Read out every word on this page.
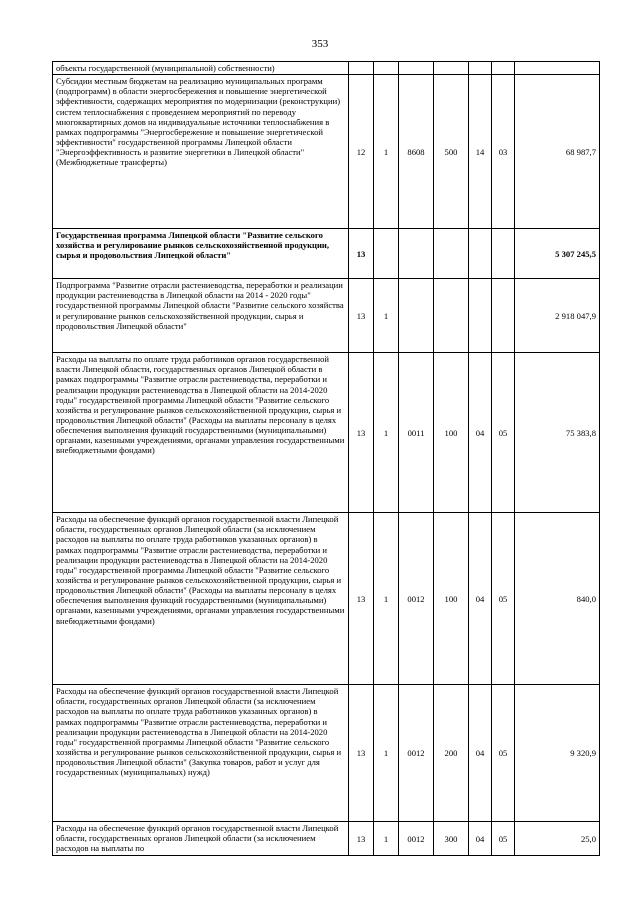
353
объекты государственной (муниципальной) собственности)							
Субсидии местным бюджетам на реализацию муниципальных программ (подпрограмм) в области энергосбережения и повышение энергетической эффективности, содержащих мероприятия по модернизации (реконструкции) систем теплоснабжения с проведением мероприятий по переводу многоквартирных домов на индивидуальные источники теплоснабжения в рамках подпрограммы "Энергосбережение и повышение энергетической эффективности" государственной программы Липецкой области "Энергоэффективность и развитие энергетики в Липецкой области" (Межбюджетные трансферты)	12	1	8608	500	14	03	68 987,7
Государственная программа Липецкой области "Развитие сельского хозяйства и регулирование рынков сельскохозяйственной продукции, сырья и продовольствия Липецкой области"	13						5 307 245,5
Подпрограмма "Развитие отрасли растениеводства, переработки и реализации продукции растениеводства в Липецкой области на 2014 - 2020 годы" государственной программы Липецкой области "Развитие сельского хозяйства и регулирование рынков сельскохозяйственной продукции, сырья и продовольствия Липецкой области"	13	1					2 918 047,9
Расходы на выплаты по оплате труда работников органов государственной власти Липецкой области, государственных органов Липецкой области в рамках подпрограммы "Развитие отрасли растениеводства, переработки и реализации продукции растениеводства в Липецкой области на 2014-2020 годы" государственной программы Липецкой области "Развитие сельского хозяйства и регулирование рынков сельскохозяйственной продукции, сырья и продовольствия Липецкой области" (Расходы на выплаты персоналу в целях обеспечения выполнения функций государственными (муниципальными) органами, казенными учреждениями, органами управления государственными внебюджетными фондами)	13	1	0011	100	04	05	75 383,8
Расходы на обеспечение функций органов государственной власти Липецкой области, государственных органов Липецкой области (за исключением расходов на выплаты по оплате труда работников указанных органов) в рамках подпрограммы "Развитие отрасли растениеводства, переработки и реализации продукции растениеводства в Липецкой области на 2014-2020 годы" государственной программы Липецкой области "Развитие сельского хозяйства и регулирование рынков сельскохозяйственной продукции, сырья и продовольствия Липецкой области" (Расходы на выплаты персоналу в целях обеспечения выполнения функций государственными (муниципальными) органами, казенными учреждениями, органами управления государственными внебюджетными фондами)	13	1	0012	100	04	05	840,0
Расходы на обеспечение функций органов государственной власти Липецкой области, государственных органов Липецкой области (за исключением расходов на выплаты по оплате труда работников указанных органов) в рамках подпрограммы "Развитие отрасли растениеводства, переработки и реализации продукции растениеводства в Липецкой области на 2014-2020 годы" государственной программы Липецкой области "Развитие сельского хозяйства и регулирование рынков сельскохозяйственной продукции, сырья и продовольствия Липецкой области" (Закупка товаров, работ и услуг для государственных (муниципальных) нужд)	13	1	0012	200	04	05	9 320,9
Расходы на обеспечение функций органов государственной власти Липецкой области, государственных органов Липецкой области (за исключением расходов на выплаты по	13	1	0012	300	04	05	25,0
